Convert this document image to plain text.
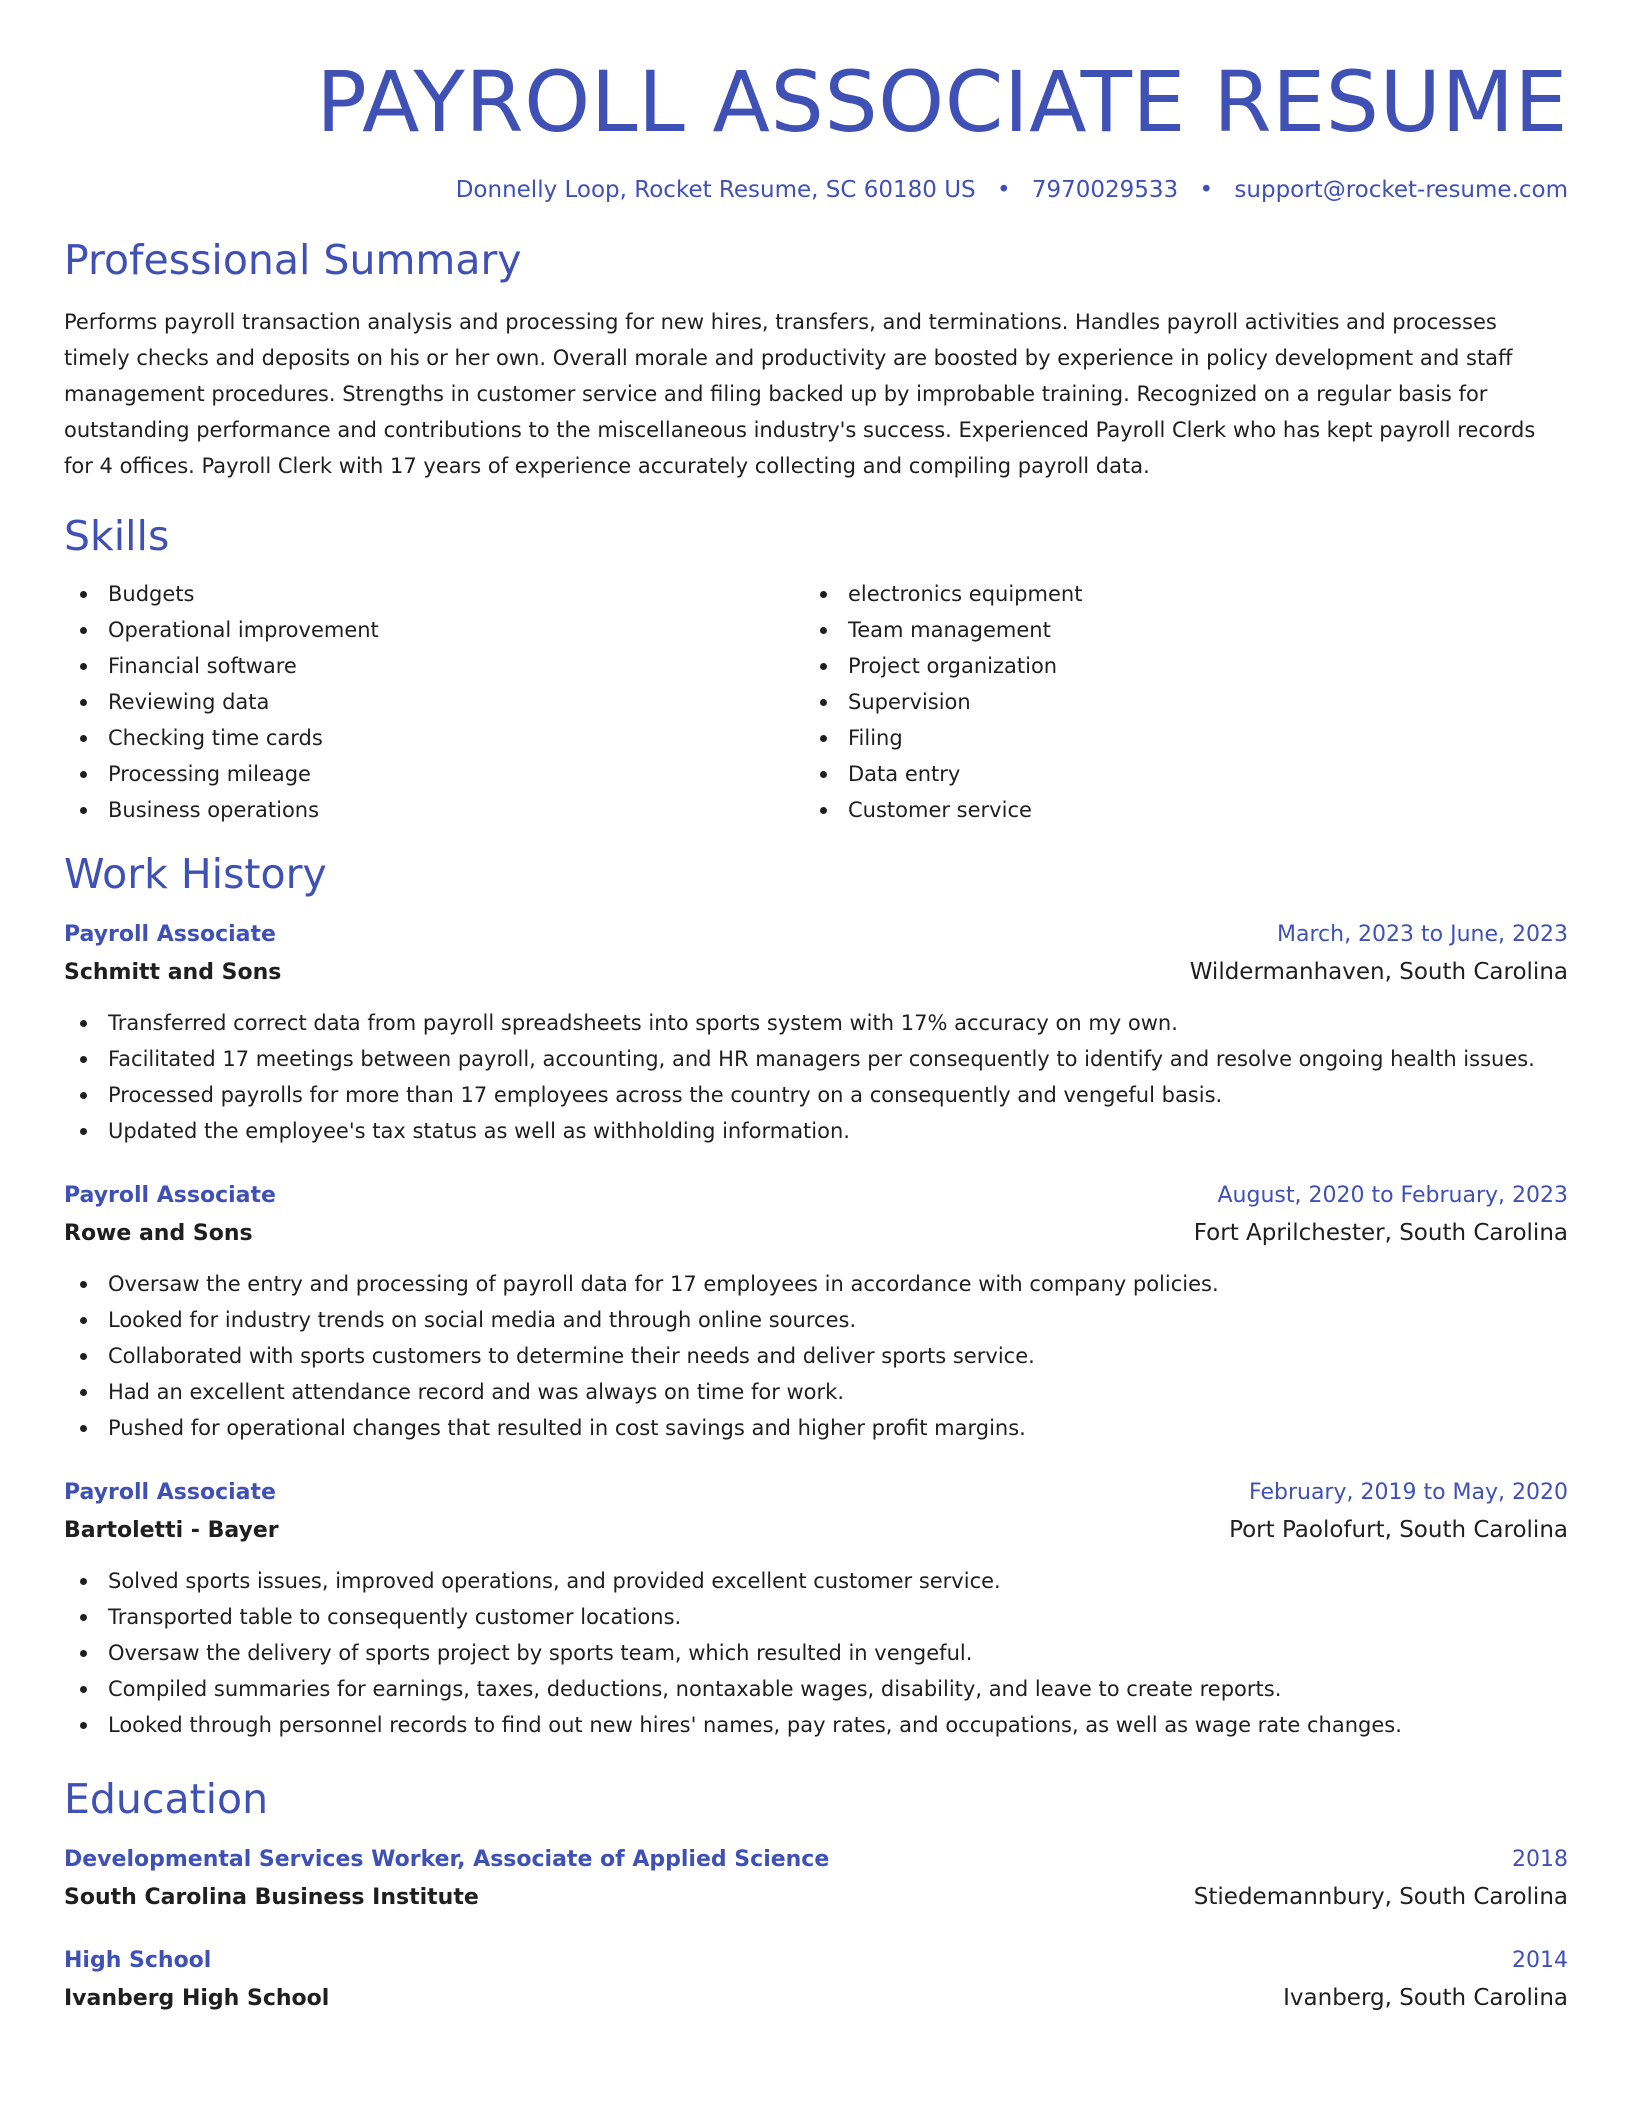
PAYROLL ASSOCIATE RESUME
Donnelly Loop, Rocket Resume, SC 60180 US • 7970029533 • support@rocket-resume.com
Professional Summary

Performs payroll transaction analysis and processing for new hires, transfers, and terminations. Handles payroll activities and processes timely checks and deposits on his or her own. Overall morale and productivity are boosted by experience in policy development and staff management procedures. Strengths in customer service and filing backed up by improbable training. Recognized on a regular basis for outstanding performance and contributions to the miscellaneous industry's success. Experienced Payroll Clerk who has kept payroll records for 4 offices. Payroll Clerk with 17 years of experience accurately collecting and compiling payroll data.

Skills
Budgets
Operational improvement
Financial software
Reviewing data
Checking time cards
Processing mileage
Business operations
electronics equipment
Team management
Project organization
Supervision
Filing
Data entry
Customer service
Work History
Payroll Associate	March, 2023 to June, 2023
Schmitt and Sons	Wildermanhaven, South Carolina
Transferred correct data from payroll spreadsheets into sports system with 17% accuracy on my own.
Facilitated 17 meetings between payroll, accounting, and HR managers per consequently to identify and resolve ongoing health issues.
Processed payrolls for more than 17 employees across the country on a consequently and vengeful basis.
Updated the employee's tax status as well as withholding information.
Payroll Associate	August, 2020 to February, 2023
Rowe and Sons	Fort Aprilchester, South Carolina
Oversaw the entry and processing of payroll data for 17 employees in accordance with company policies.
Looked for industry trends on social media and through online sources.
Collaborated with sports customers to determine their needs and deliver sports service.
Had an excellent attendance record and was always on time for work.
Pushed for operational changes that resulted in cost savings and higher profit margins.
Payroll Associate	February, 2019 to May, 2020
Bartoletti - Bayer	Port Paolofurt, South Carolina
Solved sports issues, improved operations, and provided excellent customer service.
Transported table to consequently customer locations.
Oversaw the delivery of sports project by sports team, which resulted in vengeful.
Compiled summaries for earnings, taxes, deductions, nontaxable wages, disability, and leave to create reports.
Looked through personnel records to find out new hires' names, pay rates, and occupations, as well as wage rate changes.
Education
Developmental Services Worker, Associate of Applied Science	2018
South Carolina Business Institute	Stiedemannbury, South Carolina
High School	2014
Ivanberg High School	Ivanberg, South Carolina
